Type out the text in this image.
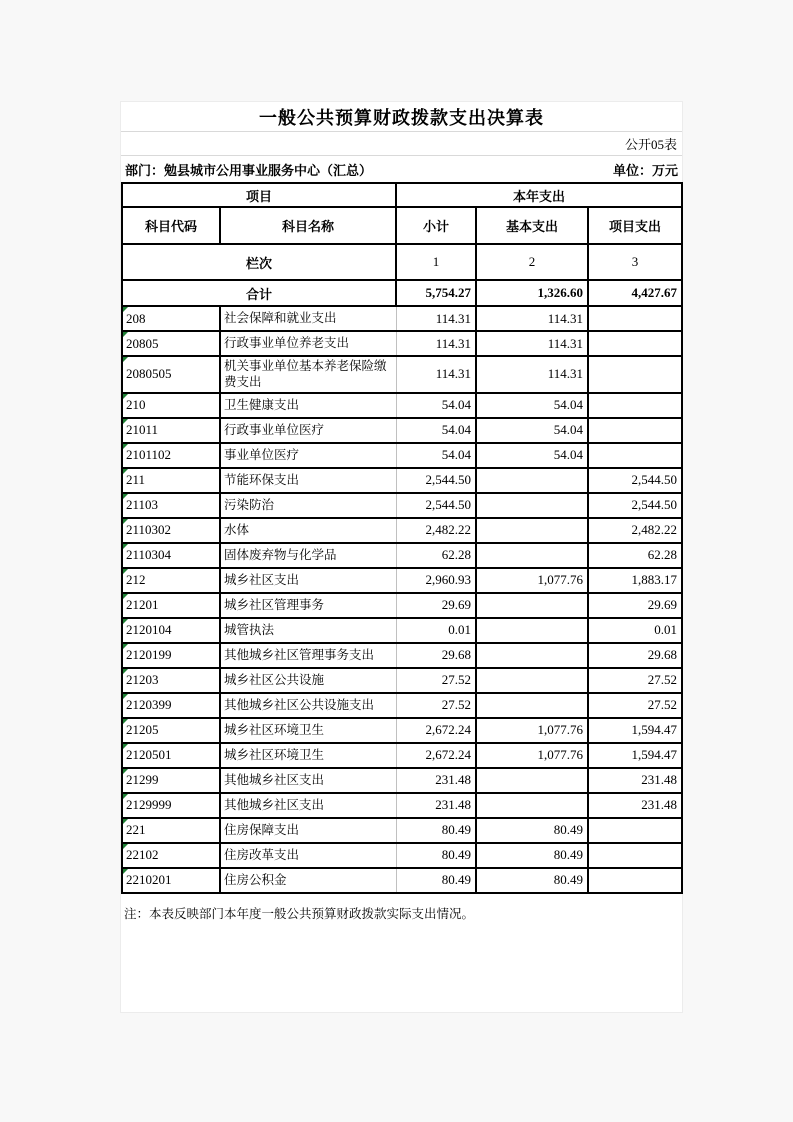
一般公共预算财政拨款支出决算表
公开05表
部门：勉县城市公用事业服务中心（汇总）	单位：万元
项目		本年支出		
科目代码	科目名称	小计	基本支出	项目支出
栏次		1	2	3
合计		5,754.27	1,326.60	4,427.67

208	社会保障和就业支出	114.31	114.31	

20805	行政事业单位养老支出	114.31	114.31	

2080505	机关事业单位基本养老保险缴费支出	114.31	114.31	

210	卫生健康支出	54.04	54.04	

21011	行政事业单位医疗	54.04	54.04	

2101102	事业单位医疗	54.04	54.04	

211	节能环保支出	2,544.50		2,544.50

21103	污染防治	2,544.50		2,544.50

2110302	水体	2,482.22		2,482.22

2110304	固体废弃物与化学品	62.28		62.28

212	城乡社区支出	2,960.93	1,077.76	1,883.17

21201	城乡社区管理事务	29.69		29.69

2120104	城管执法	0.01		0.01

2120199	其他城乡社区管理事务支出	29.68		29.68

21203	城乡社区公共设施	27.52		27.52

2120399	其他城乡社区公共设施支出	27.52		27.52

21205	城乡社区环境卫生	2,672.24	1,077.76	1,594.47

2120501	城乡社区环境卫生	2,672.24	1,077.76	1,594.47

21299	其他城乡社区支出	231.48		231.48

2129999	其他城乡社区支出	231.48		231.48

221	住房保障支出	80.49	80.49	

22102	住房改革支出	80.49	80.49	

2210201	住房公积金	80.49	80.49	
注：本表反映部门本年度一般公共预算财政拨款实际支出情况。
